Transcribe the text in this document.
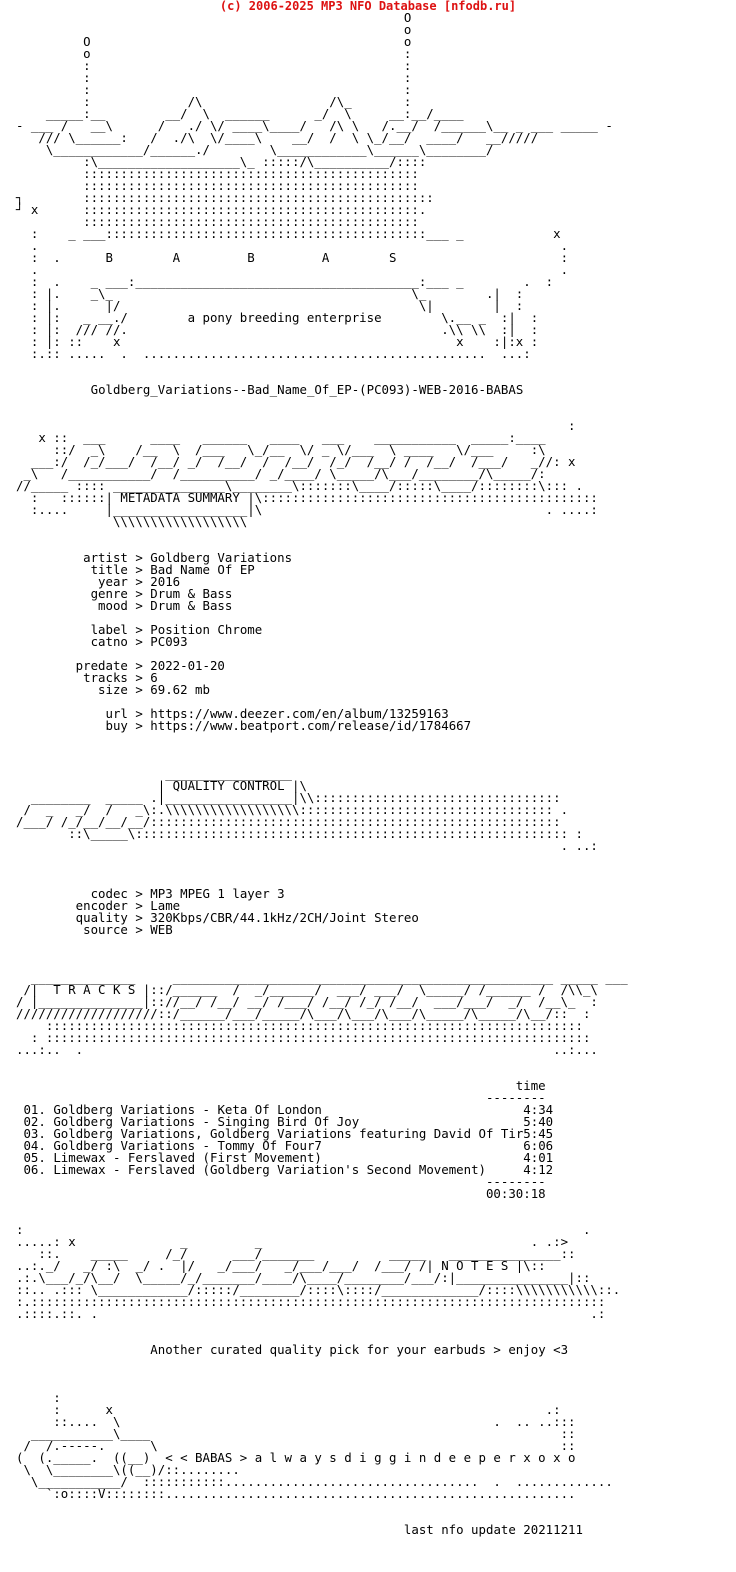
(c) 2006-2025 MP3 NFO Database [nfodb.ru]
O
o
O                                          o
o                                          :
:                                          :
:                                          :
:                                          :
:             /\                 /\_       :
_____:__        __/  \  ______      _/  \     __:__/____
- ___ /   __\      /   ./ \/ ____\____/   /\ \   /.__/  /______\__ _ ___ _____ -
/// \______:   /  ./\  \/____\    __/  /  \ \_/__/  ____/   __/////
\____________/______./        \____________\______\________/
:\___________________\_ :::::/\__________/::::
:::::::::::::::::::::::::::::::::::::::::::::
:::::::::::::::::::::::::::::::::::::::::::::
┐        :::::::::::::::::::::::::::::::::::::::::::::::
┘ x      :::::::::::::::::::::::::::::::::::::::::::::.
:::::::::::::::::::::::::::::::::::::::::::::
:    _ ___:::::::::::::::::::::::::::::::::::::::::::___ _            x
.                                                                      .
:  .      B        A         B         A        S                      :
.                                                                      .
:  .    _ ___:______________________________________:___ _        .  :
: |.    _\_                                        \_        .|  :
: |.      |/                                        \|        |  :
: |:   _ __./        a pony breeding enterprise        \.__ _  :|  :
: |:  /// //.                                          .\\ \\  :|  :
: |: ::    x                                             x    :|:x :
:.:: .....  .  ..............................................  ...:

Goldberg_Variations--Bad_Name_Of_EP-(PC093)-WEB-2016-BABAS

:
x ::  ___      ____   ______   ____   ___    ___________  _____:____
::/  _\    /__  \  /___   \_/__  \/ _ \/___  \ ____   \/___     :\
___:/  /_/___/  /__/ _/  /__/  /  /__/  /_/  /__/ /  /__/  /___/   _//: x
_\   /___________/  /__________/ _/____/ \_____/\___/________/\_____/:
//_____ :::: _______________\________\:::::::\____/:::::\____/::::::::\::: .
:   ::::::| METADATA SUMMARY |\:::::::::::::::::::::::::::::::::::::::::::::
:....     |__________________|\                                      . ....:
\\\\\\\\\\\\\\\\\\

artist > Goldberg Variations
title > Bad Name Of EP
year > 2016
genre > Drum & Bass
mood > Drum & Bass

label > Position Chrome
catno > PC093

predate > 2022-01-20
tracks > 6
size > 69.62 mb

url > https://www.deezer.com/en/album/13259163
buy > https://www.beatport.com/release/id/1784667

_________________
| QUALITY CONTROL |\
________  _____ .|_________________|\\:::::::::::::::::::::::::::::::::
/  _   _/  /   _\:.\\\\\\\\\\\\\\\\\\:::::::::::::::::::::::::::::::::: .
/___/ /_/__/__/__/:::::::::::::::::::::::::::::::::::::::::::::::::::::::
::\_____\:::::::::::::::::::::::::::::::::::::::::::::::::::::::::: :
. ..:

codec > MP3 MPEG 1 layer 3
encoder > Lame
quality > 320Kbps/CBR/44.1kHz/2CH/Joint Stereo
source > WEB

______________     ___________________________________________________ _____ ___
/|  T R A C K S |::/______  /  _/______/  ___/ ___/  \_____/ /______ /  /\\_\
/ |______________|:://__/ /__/ __/ /___/ /__/ /_/ /__/  ___/___/  _/  /__\_  :
///////////////////::/______/___/_____/\___/\___/\___/\_____/\_____/\__/::  :
::::::::::::::::::::::::::::::::::::::::::::::::::::::::::::::::::::::::
: :::::::::::::::::::::::::::::::::::::::::::::::::::::::::::::::::::::::::
...:..  .                                                               ..:...

time
--------
01. Goldberg Variations - Keta Of London                           4:34
02. Goldberg Variations - Singing Bird Of Joy                      5:40
03. Goldberg Variations, Goldberg Variations featuring David Of Tir5:45
04. Goldberg Variations - Tommy Of Four7                           6:06
05. Limewax - Ferslaved (First Movement)                           4:01
06. Limewax - Ferslaved (Goldberg Variation's Second Movement)     4:12
--------
00:30:18

:                                                                           .
.....: x              _         _                                    . .:>
::.    _____     /_/      ___/_______          _____   _______________::
..:._/   _/ :\  _/ .  |/   _/___/   _/___/___/  /___/ /| N O T E S |\::
.:.\___/_/\__/  \_____/_/_______/____/\____/________/___/:|_______________|::
::.. .::: \____________/:::::/________/::::\::::/_____________/::::\\\\\\\\\\\::.
:.:::::::::::::::::::::::::::::::::::::::::::::::::::::::::::::::::::::::::::::
.::::.::. .                                                                  .:

Another curated quality pick for your earbuds > enjoy <3

:
:      x                                                          .:
::....  \                                                  .  .. ..:::
___________\____                                                       ::
/  /.-----.      \                                                      ::
(  (._____.  ((__)  < < BABAS > a l w a y s d i g g i n d e e p e r x o x o
\  \________\((__)/::........
\___________/  :::::::::::..................................  .  .............
`:o::::V::::::::.......................................................

last nfo update 20211211
